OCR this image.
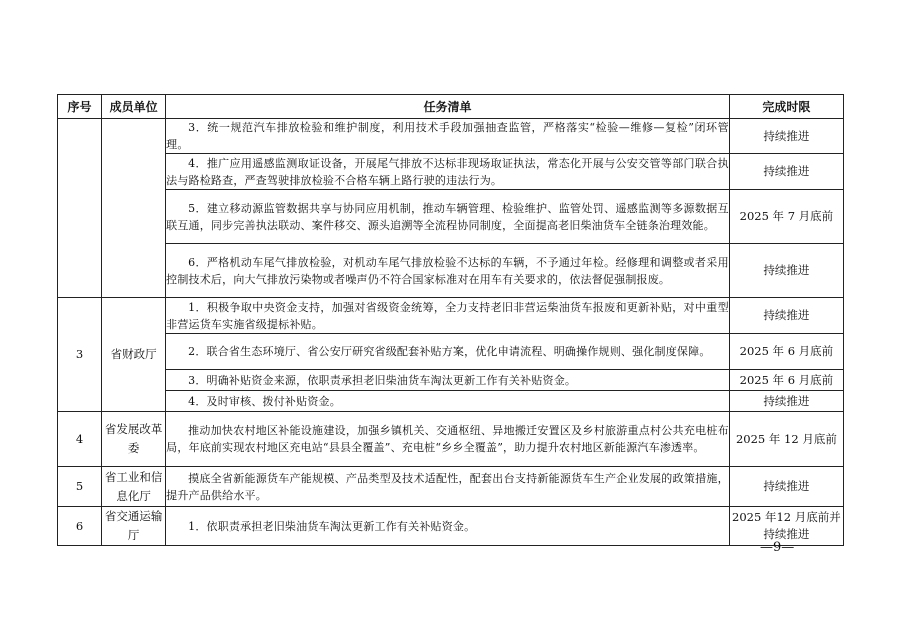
序号	成员单位	任务清单	完成时限
		3．统一规范汽车排放检验和维护制度，利用技术手段加强抽查监管，严格落实“检验—维修—复检”闭环管理。	持续推进
		4．推广应用遥感监测取证设备，开展尾气排放不达标非现场取证执法，常态化开展与公安交管等部门联合执法与路检路查，严查驾驶排放检验不合格车辆上路行驶的违法行为。	持续推进
		5．建立移动源监管数据共享与协同应用机制，推动车辆管理、检验维护、监管处罚、遥感监测等多源数据互联互通，同步完善执法联动、案件移交、源头追溯等全流程协同制度，全面提高老旧柴油货车全链条治理效能。	2025 年 7 月底前
		6．严格机动车尾气排放检验，对机动车尾气排放检验不达标的车辆，不予通过年检。经修理和调整或者采用控制技术后，向大气排放污染物或者噪声仍不符合国家标准对在用车有关要求的，依法督促强制报废。	持续推进
3	省财政厅	1．积极争取中央资金支持，加强对省级资金统筹，全力支持老旧非营运柴油货车报废和更新补贴，对中重型非营运货车实施省级提标补贴。	持续推进
		2．联合省生态环境厅、省公安厅研究省级配套补贴方案，优化申请流程、明确操作规则、强化制度保障。	2025 年 6 月底前
		3．明确补贴资金来源，依职责承担老旧柴油货车淘汰更新工作有关补贴资金。	2025 年 6 月底前
		4．及时审核、拨付补贴资金。	持续推进
4	省发展改革委	推动加快农村地区补能设施建设，加强乡镇机关、交通枢纽、异地搬迁安置区及乡村旅游重点村公共充电桩布局，年底前实现农村地区充电站“县县全覆盖”、充电桩“乡乡全覆盖”，助力提升农村地区新能源汽车渗透率。	2025 年 12 月底前
5	省工业和信息化厅	摸底全省新能源货车产能规模、产品类型及技术适配性，配套出台支持新能源货车生产企业发展的政策措施，提升产品供给水平。	持续推进
6	省交通运输厅	1．依职责承担老旧柴油货车淘汰更新工作有关补贴资金。	2025 年12 月底前并持续推进
—9—
